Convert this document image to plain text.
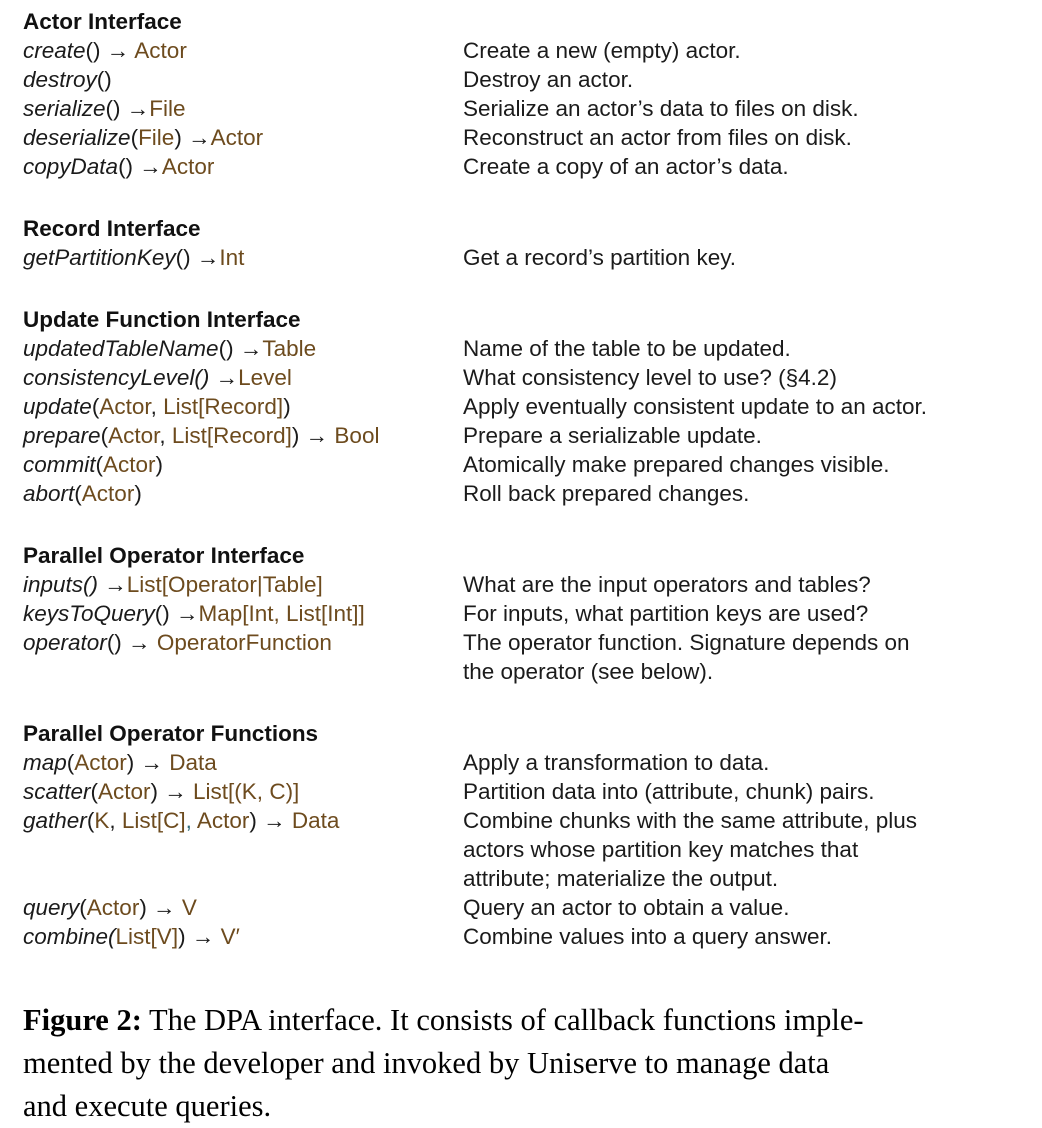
Actor Interface
create() → Actor	Create a new (empty) actor.
destroy()	Destroy an actor.
serialize() →File	Serialize an actor’s data to files on disk.
deserialize(File) →Actor	Reconstruct an actor from files on disk.
copyData() →Actor	Create a copy of an actor’s data.
Record Interface
getPartitionKey() →Int	Get a record’s partition key.
Update Function Interface
updatedTableName() →Table	Name of the table to be updated.
consistencyLevel() →Level	What consistency level to use? (§4.2)
update(Actor, List[Record])	Apply eventually consistent update to an actor.
prepare(Actor, List[Record]) → Bool	Prepare a serializable update.
commit(Actor)	Atomically make prepared changes visible.
abort(Actor)	Roll back prepared changes.
Parallel Operator Interface
inputs() →List[Operator|Table]	What are the input operators and tables?
keysToQuery() →Map[Int, List[Int]]	For inputs, what partition keys are used?
operator() → OperatorFunction	The operator function. Signature depends on
the operator (see below).
Parallel Operator Functions
map(Actor) → Data	Apply a transformation to data.
scatter(Actor) → List[(K, C)]	Partition data into (attribute, chunk) pairs.
gather(K, List[C], Actor) → Data	Combine chunks with the same attribute, plus
actors whose partition key matches that
attribute; materialize the output.
query(Actor) → V	Query an actor to obtain a value.
combine(List[V]) → V′	Combine values into a query answer.
Figure 2: The DPA interface. It consists of callback functions imple-
mented by the developer and invoked by Uniserve to manage data
and execute queries.
